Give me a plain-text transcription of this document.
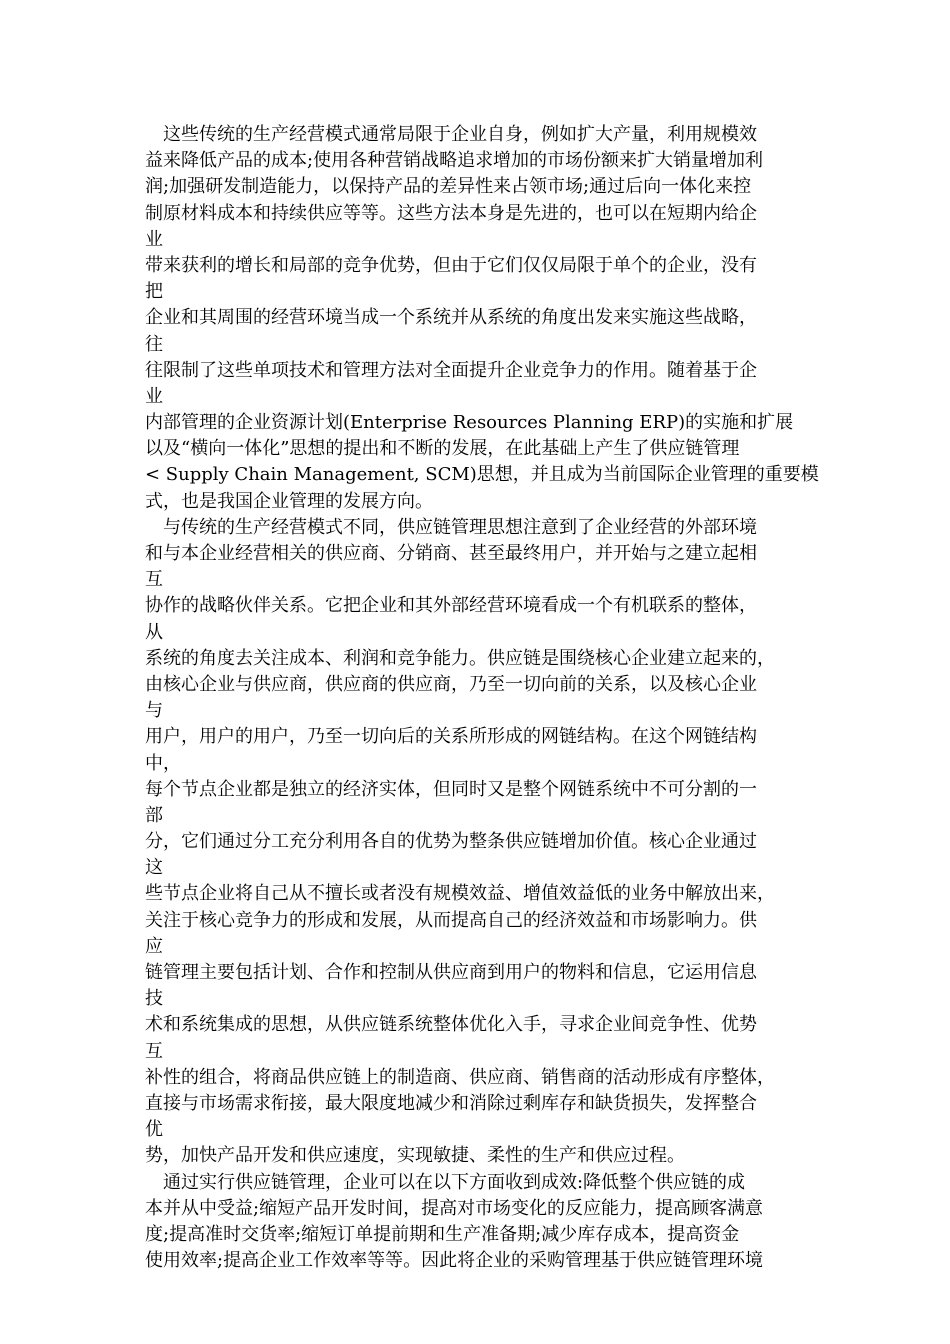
　这些传统的生产经营模式通常局限于企业自身，例如扩大产量，利用规模效
益来降低产品的成本;使用各种营销战略追求增加的市场份额来扩大销量增加利
润;加强研发制造能力，以保持产品的差异性来占领市场;通过后向一体化来控
制原材料成本和持续供应等等。这些方法本身是先进的，也可以在短期内给企
业
带来获利的增长和局部的竞争优势，但由于它们仅仅局限于单个的企业，没有
把
企业和其周围的经营环境当成一个系统并从系统的角度出发来实施这些战略，
往
往限制了这些单项技术和管理方法对全面提升企业竞争力的作用。随着基于企
业
内部管理的企业资源计划(Enterprise Resources Planning ERP)的实施和扩展
以及“横向一体化”思想的提出和不断的发展，在此基础上产生了供应链管理
< Supply Chain Management, SCM)思想，并且成为当前国际企业管理的重要模
式，也是我国企业管理的发展方向。
　与传统的生产经营模式不同，供应链管理思想注意到了企业经营的外部环境
和与本企业经营相关的供应商、分销商、甚至最终用户，并开始与之建立起相
互
协作的战略伙伴关系。它把企业和其外部经营环境看成一个有机联系的整体，
从
系统的角度去关注成本、利润和竞争能力。供应链是围绕核心企业建立起来的，
由核心企业与供应商，供应商的供应商，乃至一切向前的关系，以及核心企业
与
用户，用户的用户，乃至一切向后的关系所形成的网链结构。在这个网链结构
中，
每个节点企业都是独立的经济实体，但同时又是整个网链系统中不可分割的一
部
分，它们通过分工充分利用各自的优势为整条供应链增加价值。核心企业通过
这
些节点企业将自己从不擅长或者没有规模效益、增值效益低的业务中解放出来，
关注于核心竞争力的形成和发展，从而提高自己的经济效益和市场影响力。供
应
链管理主要包括计划、合作和控制从供应商到用户的物料和信息，它运用信息
技
术和系统集成的思想，从供应链系统整体优化入手，寻求企业间竞争性、优势
互
补性的组合，将商品供应链上的制造商、供应商、销售商的活动形成有序整体，
直接与市场需求衔接，最大限度地减少和消除过剩库存和缺货损失，发挥整合
优
势，加快产品开发和供应速度，实现敏捷、柔性的生产和供应过程。
　通过实行供应链管理，企业可以在以下方面收到成效:降低整个供应链的成
本并从中受益;缩短产品开发时间，提高对市场变化的反应能力，提高顾客满意
度;提高准时交货率;缩短订单提前期和生产准备期;减少库存成本，提高资金
使用效率;提高企业工作效率等等。因此将企业的采购管理基于供应链管理环境
